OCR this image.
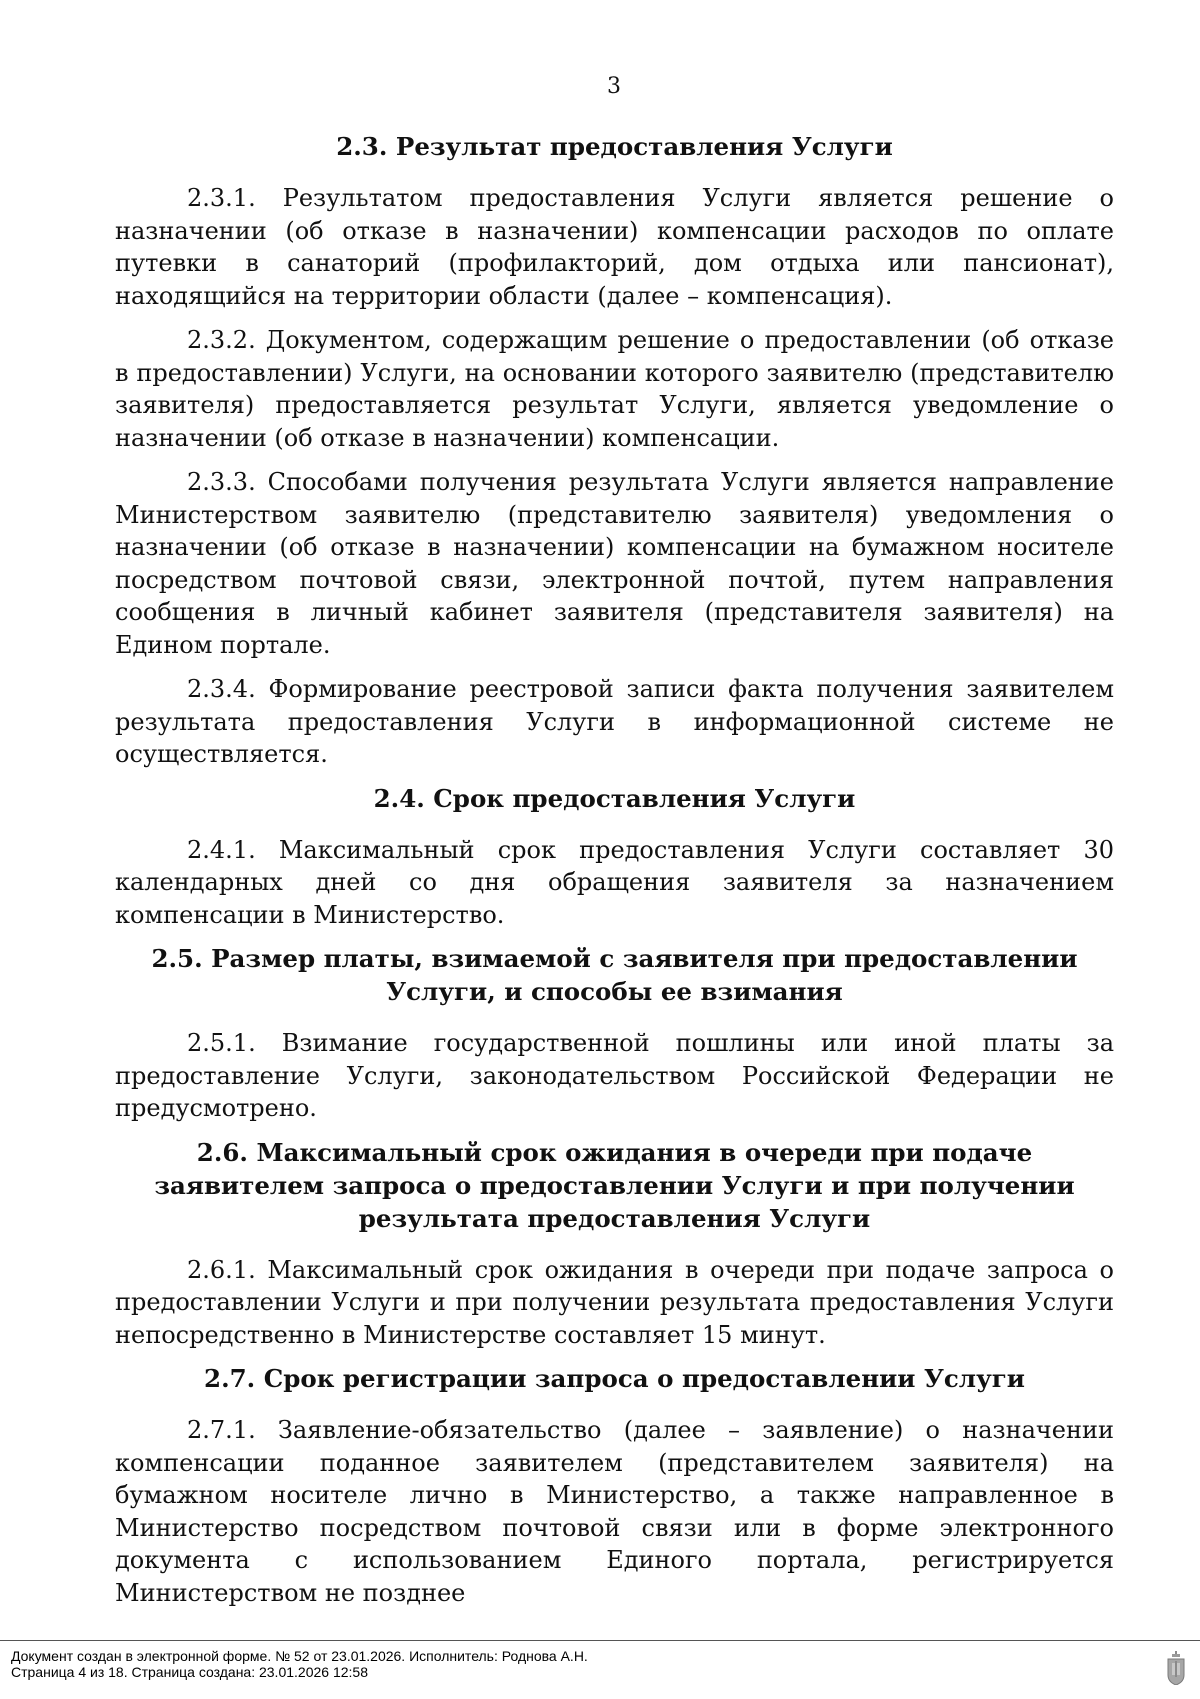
3
2.3. Результат предоставления Услуги

2.3.1. Результатом предоставления Услуги является решение о назначении (об отказе в назначении) компенсации расходов по оплате путевки в санаторий (профилакторий, дом отдыха или пансионат), находящийся на территории области (далее – компенсация).

2.3.2. Документом, содержащим решение о предоставлении (об отказе в предоставлении) Услуги, на основании которого заявителю (представителю заявителя) предоставляется результат Услуги, является уведомление о назначении (об отказе в назначении) компенсации.

2.3.3. Способами получения результата Услуги является направление Министерством заявителю (представителю заявителя) уведомления о назначении (об отказе в назначении) компенсации на бумажном носителе посредством почтовой связи, электронной почтой, путем направления сообщения в личный кабинет заявителя (представителя заявителя) на Едином портале.

2.3.4. Формирование реестровой записи факта получения заявителем результата предоставления Услуги в информационной системе не осуществляется.

2.4. Срок предоставления Услуги

2.4.1. Максимальный срок предоставления Услуги составляет 30 календарных дней со дня обращения заявителя за назначением компенсации в Министерство.

2.5. Размер платы, взимаемой с заявителя при предоставлении Услуги, и способы ее взимания

2.5.1. Взимание государственной пошлины или иной платы за предоставление Услуги, законодательством Российской Федерации не предусмотрено.

2.6. Максимальный срок ожидания в очереди при подаче заявителем запроса о предоставлении Услуги и при получении результата предоставления Услуги

2.6.1. Максимальный срок ожидания в очереди при подаче запроса о предоставлении Услуги и при получении результата предоставления Услуги непосредственно в Министерстве составляет 15 минут.

2.7. Срок регистрации запроса о предоставлении Услуги

2.7.1. Заявление-обязательство (далее – заявление) о назначении компенсации поданное заявителем (представителем заявителя) на бумажном носителе лично в Министерство, а также направленное в Министерство посредством почтовой связи или в форме электронного документа с использованием Единого портала, регистрируется Министерством не позднее

Документ создан в электронной форме. № 52 от 23.01.2026. Исполнитель: Роднова А.Н.
Страница 4 из 18. Страница создана: 23.01.2026 12:58
